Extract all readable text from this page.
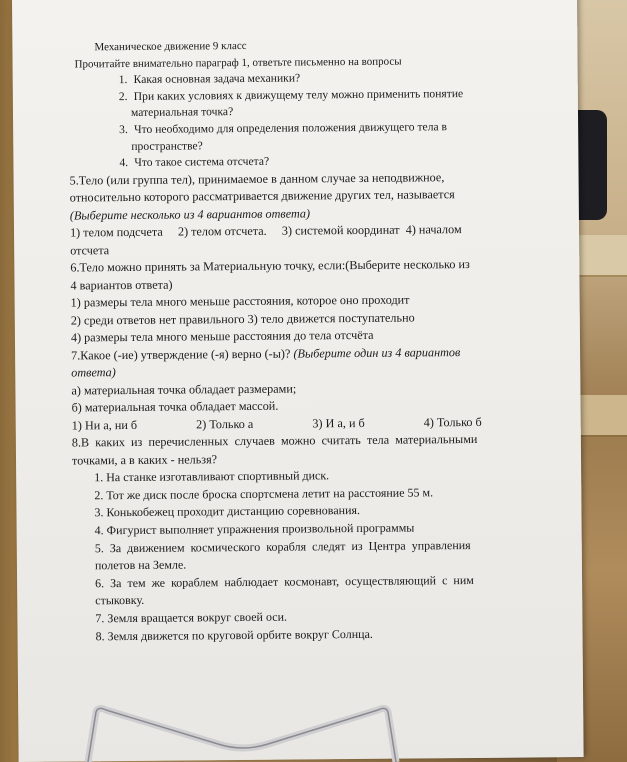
Механическое движение 9 класс
Прочитайте внимательно параграф 1, ответьте письменно на вопросы
1. Какая основная задача механики?
2. При каких условиях к движущему телу можно применить понятие
материальная точка?
3. Что необходимо для определения положения движущего тела в
пространстве?
4. Что такое система отсчета?

5.Тело (или группа тел), принимаемое в данном случае за неподвижное,

относительно которого рассматривается движение других тел, называется

(Выберите несколько из 4 вариантов ответа)

1) телом подсчета     2) телом отсчета.     3) системой координат  4) началом

отсчета

6.Тело можно принять за Материальную точку, если:(Выберите несколько из

4 вариантов ответа)

1) размеры тела много меньше расстояния, которое оно проходит

2) среди ответов нет правильного 3) тело движется поступательно

4) размеры тела много меньше расстояния до тела отсчёта

7.Какое (-ие) утверждение (-я) верно (-ы)? (Выберите один из 4 вариантов

ответа)

а) материальная точка обладает размерами;

б) материальная точка обладает массой.

1) Ни а, ни б	2) Только а	3) И а, и б	4) Только б

8.В  каких  из  перечисленных  случаев  можно  считать  тела  материальными

точками, а в каких - нельзя?

1. На станке изготавливают спортивный диск.
2. Тот же диск после броска спортсмена летит на расстояние 55 м.
3. Конькобежец проходит дистанцию соревнования.
4. Фигурист выполняет упражнения произвольной программы
5.  За  движением  космического  корабля  следят  из  Центра  управления
полетов на Земле.
6.  За  тем  же  кораблем  наблюдает  космонавт,  осуществляющий  с  ним
стыковку.
7. Земля вращается вокруг своей оси.
8. Земля движется по круговой орбите вокруг Солнца.
